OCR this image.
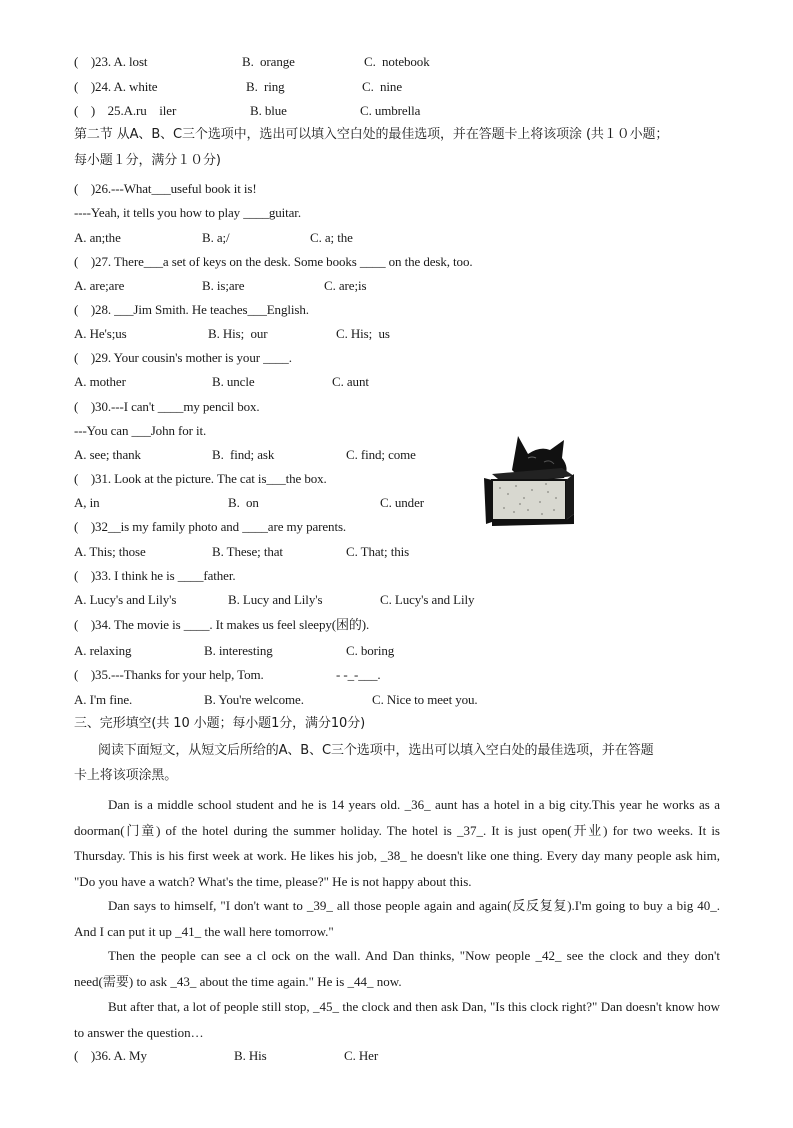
(    )23. A. lost

	B.  orange

	C.  notebook

(    )24. A. white

	B.  ring

	C.  nine

(    )    25.A.ru    iler

	B. blue

	C. umbrella

第二节 从A、B、C三个选项中，选出可以填入空白处的最佳选项，并在答题卡上将该项涂 (共１０小题；
每小题１分，满分１０分)
(    )26.---What___useful book it is!
----Yeah, it tells you how to play ____guitar.

A. an;the

	B. a;/

	C. a; the

(    )27. There___a set of keys on the desk. Some books ____ on the desk, too.

A. are;are

	B. is;are

	C. are;is

(    )28. ___Jim Smith. He teaches___English.

A. He's;us

	B. His;  our

	C. His;  us

(    )29. Your cousin's mother is your ____.

A. mother

	B. uncle

	C. aunt

(    )30.---I can't ____my pencil box.
---You can ___John for it.

A. see; thank

	B.  find; ask

	C. find; come

(    )31. Look at the picture. The cat is___the box.

A, in

	B.  on

	C. under

(    )32__is my family photo and ____are my parents.

A. This; those

	B. These; that

	C. That; this

(    )33. I think he is ____father.

A. Lucy's and Lily's

	B. Lucy and Lily's

	C. Lucy's and Lily

(    )34. The movie is ____. It makes us feel sleepy(困的).

A. relaxing

	B. interesting

	C. boring

(    )35.---Thanks for your help, Tom.

	- -_-___.

A. I'm fine.

	B. You're welcome.

	C. Nice to meet you.

三、完形填空(共 10 小题；每小题1分，满分10分)
阅读下面短文，从短文后所给的A、B、C三个选项中，选出可以填入空白处的最佳选项，并在答题
卡上将该项涂黑。
Dan is a middle school student and he is 14 years old. _36_ aunt has a hotel in a big city.This year he works as a doorman(门童) of the hotel during the summer holiday. The hotel is _37_. It is just open(开业) for two weeks. It is Thursday. This is his first week at work. He likes his job, _38_ he doesn't like one thing. Every day many people ask him, "Do you have a watch? What's the time, please?" He is not happy about this.
Dan says to himself, "I don't want to _39_ all those people again and again(反反复复).I'm going to buy a big 40_. And I can put it up _41_ the wall here tomorrow."
Then the people can see a cl ock on the wall. And Dan thinks, "Now people _42_ see the clock and they don't need(需要) to ask _43_ about the time again." He is _44_ now.
But after that, a lot of people still stop, _45_ the clock and then ask Dan, "Is this clock right?" Dan doesn't know how to answer the question…

(    )36. A. My

	B. His

	C. Her
